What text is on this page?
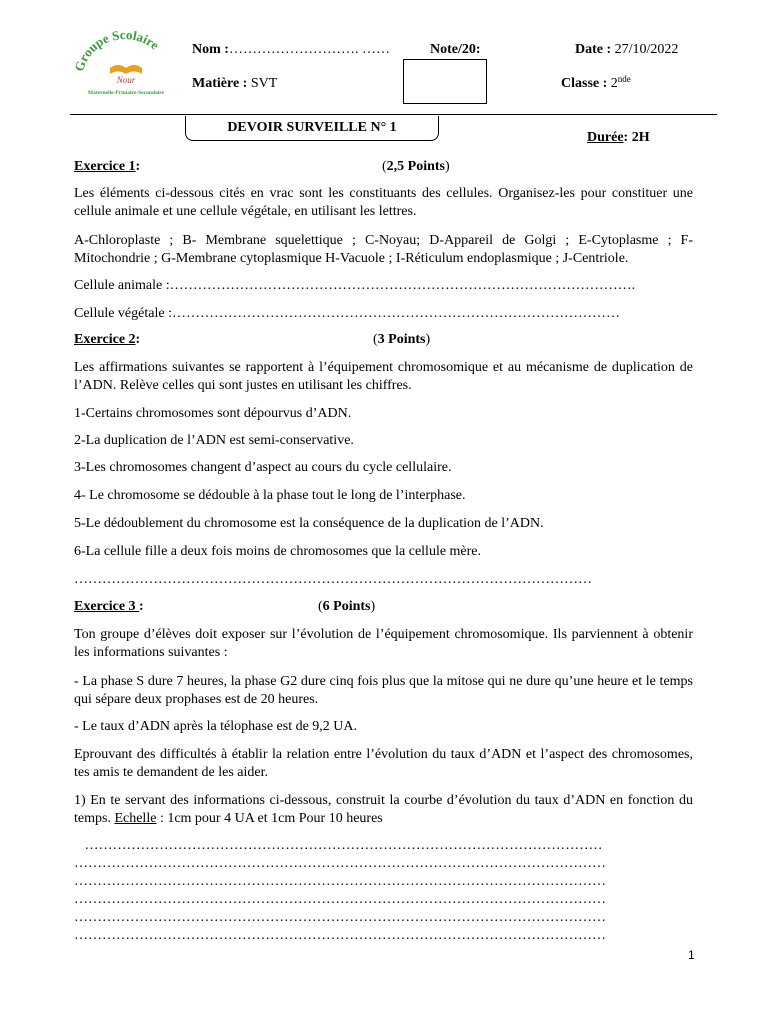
Groupe Scolaire
Nour
Maternelle-Primaire-Secondaire
Nom :………………………. ……	Note/20:	Date : 27/10/2022
Matière : SVT	Classe : 2nde
DEVOIR SURVEILLE N° 1
Durée: 2H
Exercice 1:	(2,5 Points)
Les éléments ci-dessous cités en vrac sont les constituants des cellules. Organisez-les pour constituer une cellule animale et une cellule végétale, en utilisant les lettres.
A-Chloroplaste ; B- Membrane squelettique ; C-Noyau; D-Appareil de Golgi ; E-Cytoplasme ; F-Mitochondrie ; G-Membrane cytoplasmique H-Vacuole ; I-Réticulum endoplasmique ; J-Centriole.
Cellule animale :……………………………………………………………………………………….
Cellule végétale :……………………………………………………………………………………
Exercice 2:	(3 Points)
Les affirmations suivantes se rapportent à l’équipement chromosomique et au mécanisme de duplication de l’ADN. Relève celles qui sont justes en utilisant les chiffres.
1-Certains chromosomes sont dépourvus d’ADN.
2-La duplication de l’ADN est semi-conservative.
3-Les chromosomes changent d’aspect au cours du cycle cellulaire.
4- Le chromosome se dédouble à la phase tout le long de l’interphase.
5-Le dédoublement du chromosome est la conséquence de la duplication de l’ADN.
6-La cellule fille a deux fois moins de chromosomes que la cellule mère.
…………………………………………………………………………………………………
Exercice 3 :	(6 Points)
Ton groupe d’élèves doit exposer sur l’évolution de l’équipement chromosomique. Ils parviennent à obtenir les informations suivantes :
- La phase S dure 7 heures, la phase G2 dure cinq fois plus que la mitose qui ne dure qu’une heure et le temps qui sépare deux prophases est de 20 heures.
- Le taux d’ADN après la télophase est de 9,2 UA.
Eprouvant des difficultés à établir la relation entre l’évolution du taux d’ADN et l’aspect des chromosomes, tes amis te demandent de les aider.
1) En te servant des informations ci-dessous, construit la courbe d’évolution du taux d’ADN en fonction du temps. Echelle : 1cm pour 4 UA et 1cm Pour 10 heures
…………………………………………………………………………………………………
……………………………………………………………………………………………………
……………………………………………………………………………………………………
……………………………………………………………………………………………………
……………………………………………………………………………………………………
……………………………………………………………………………………………………
1
